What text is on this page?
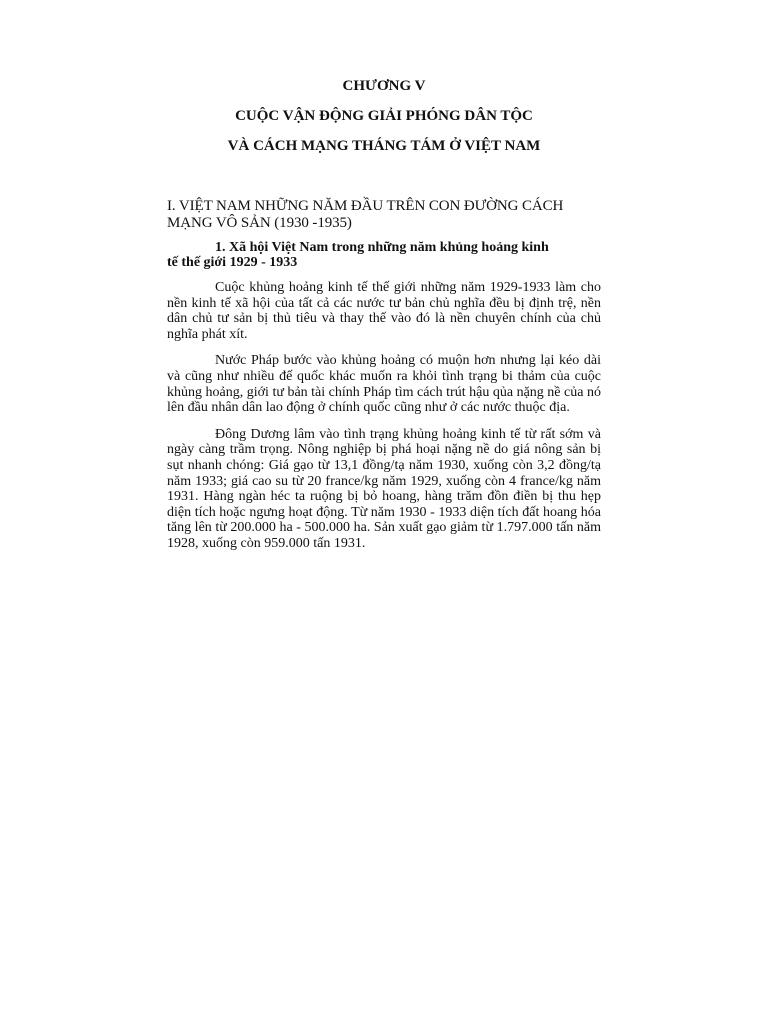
CHƯƠNG V

CUỘC VẬN ĐỘNG GIẢI PHÓNG DÂN TỘC

VÀ CÁCH MẠNG THÁNG TÁM Ở VIỆT NAM

I. VIỆT NAM NHỮNG NĂM ĐẦU TRÊN CON ĐƯỜNG CÁCH MẠNG VÔ SẢN (1930 -1935)

1. Xã hội Việt Nam trong những năm khủng hoảng kinh
tế thế giới 1929 - 1933

Cuộc khủng hoảng kinh tế thế giới những năm 1929-1933 làm cho nền kinh tế xã hội của tất cả các nước tư bản chủ nghĩa đều bị định trệ, nền dân chủ tư sản bị thủ tiêu và thay thế vào đó là nền chuyên chính của chủ nghĩa phát xít.

Nước Pháp bước vào khủng hoảng có muộn hơn nhưng lại kéo dài và cũng như nhiều đế quốc khác muốn ra khỏi tình trạng bi thảm của cuộc khủng hoảng, giới tư bản tài chính Pháp tìm cách trút hậu qủa nặng nề của nó lên đầu nhân dân lao động ở chính quốc cũng như ở các nước thuộc địa.

Đông Dương lâm vào tình trạng khủng hoảng kinh tế từ rất sớm và ngày càng trầm trọng. Nông nghiệp bị phá hoại nặng nề do giá nông sản bị sụt nhanh chóng: Giá gạo từ 13,1 đồng/tạ năm 1930, xuống còn 3,2 đồng/tạ năm 1933; giá cao su từ 20 france/kg năm 1929, xuống còn 4 france/kg năm 1931. Hàng ngàn héc ta ruộng bị bỏ hoang, hàng trăm đồn điền bị thu hẹp diện tích hoặc ngưng hoạt động. Từ năm 1930 - 1933 diện tích đất hoang hóa tăng lên từ 200.000 ha - 500.000 ha. Sản xuất gạo giảm từ 1.797.000 tấn năm 1928, xuống còn 959.000 tấn 1931.
